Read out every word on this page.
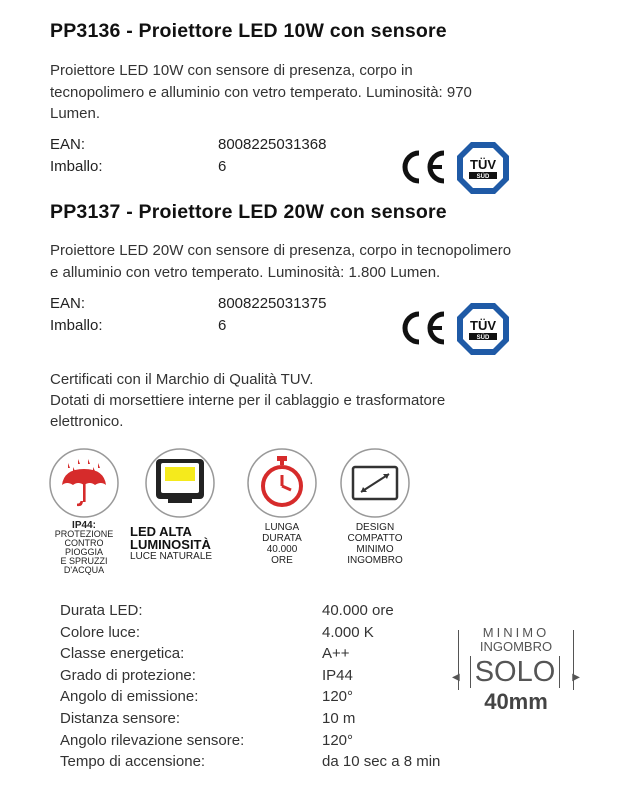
PP3136 - Proiettore LED 10W con sensore
Proiettore LED 10W con sensore di presenza, corpo in
tecnopolimero e alluminio con vetro temperato. Luminosità: 970
Lumen.
EAN:	8008225031368
Imballo:	6	TÜV
SÜD
PP3137 - Proiettore LED 20W con sensore
Proiettore LED 20W con sensore di presenza, corpo in tecnopolimero
e alluminio con vetro temperato. Luminosità: 1.800 Lumen.
EAN:	8008225031375
Imballo:	6	TÜV
SÜD
Certificati con il Marchio di Qualità TUV.
Dotati di morsettiere interne per il cablaggio e trasformatore
elettronico.
IP44:
PROTEZIONE
CONTRO
PIOGGIA
E SPRUZZI
D'ACQUA
LED ALTA
LUMINOSITÀ
LUCE NATURALE
LUNGA
DURATA
40.000
ORE
DESIGN
COMPATTO
MINIMO
INGOMBRO
Durata LED:	40.000 ore
Colore luce:	4.000 K
Classe energetica:	A++
Grado di protezione:	IP44
Angolo di emissione:	120°
Distanza sensore:	10 m
Angolo rilevazione sensore:	120°
Tempo di accensione:	da 10 sec a 8 min
MINIMO
INGOMBRO
SOLO
◀	▶
40mm
